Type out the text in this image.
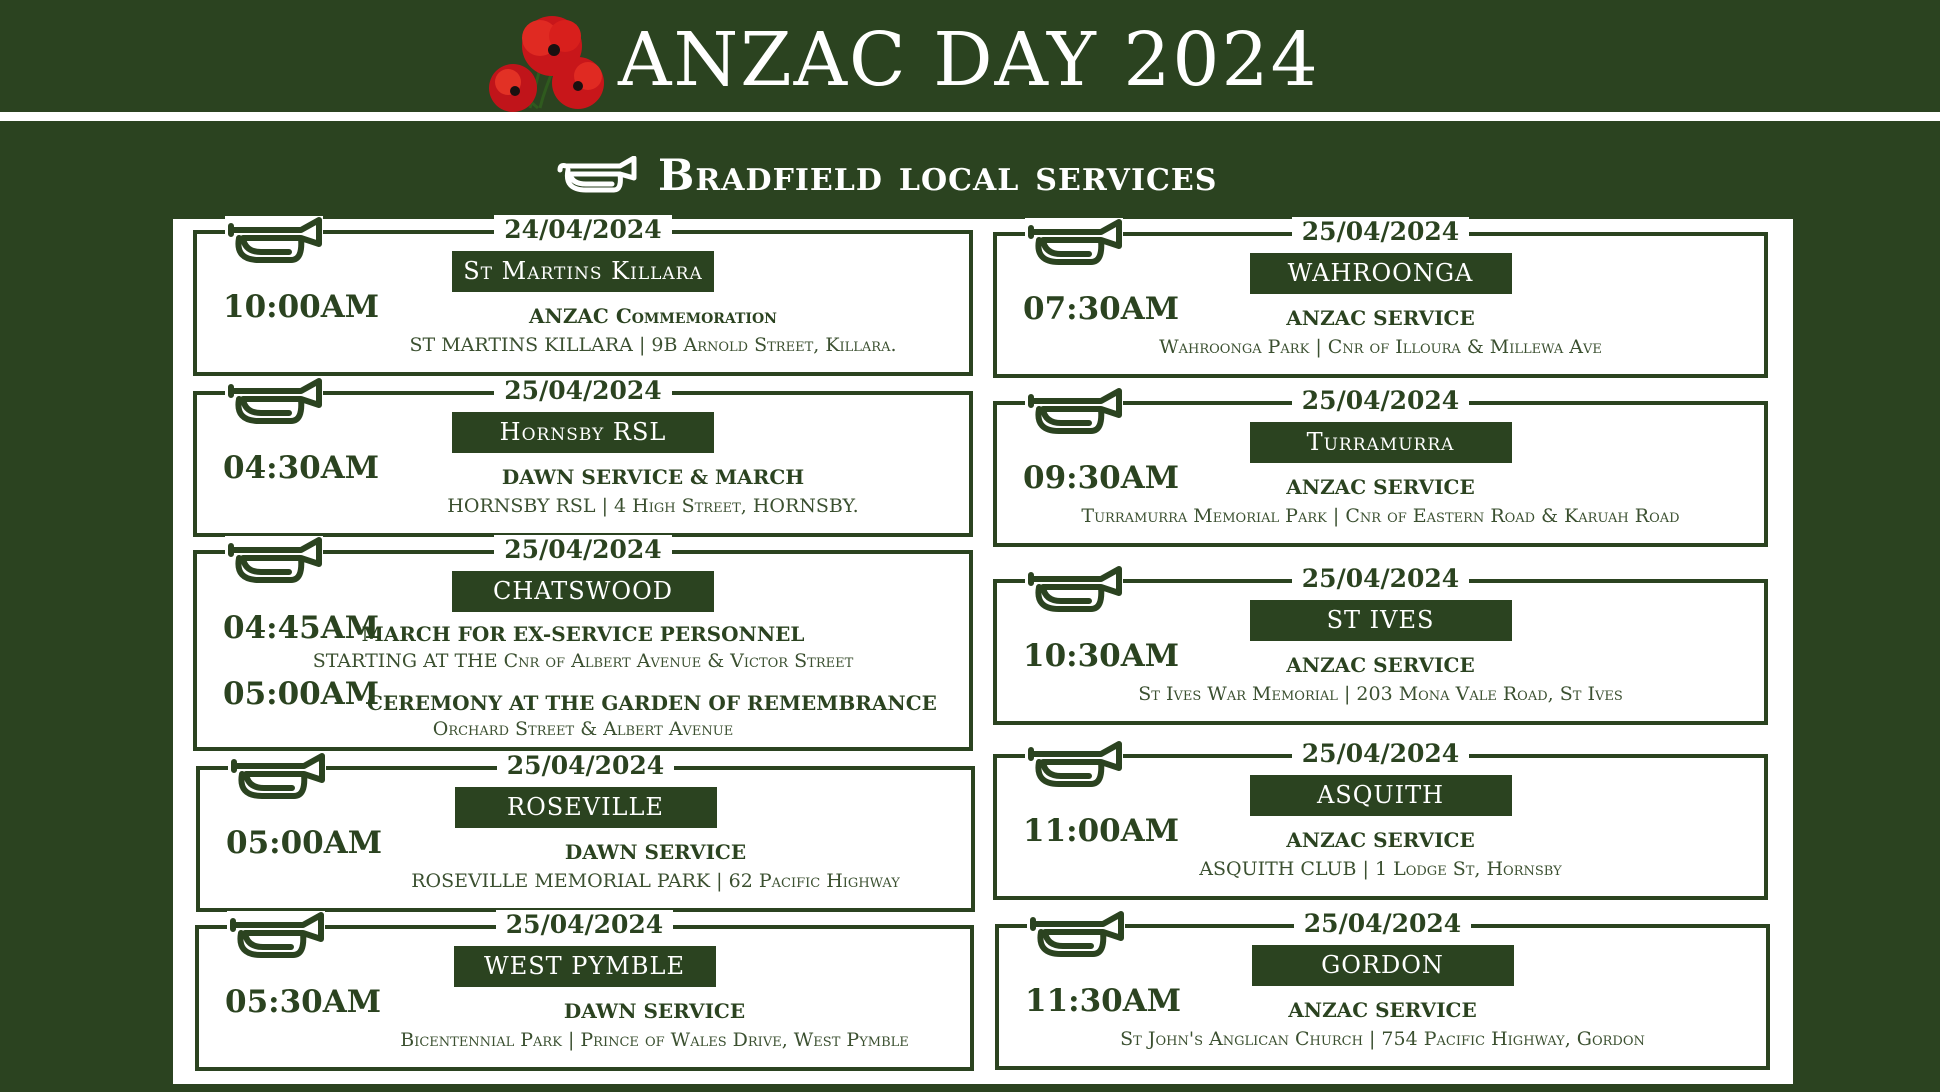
ANZAC DAY 2024
Bradfield local services
24/04/2024
St Martins Killara
10:00AM	ANZAC Commemoration
ST MARTINS KILLARA | 9B Arnold Street, Killara.
25/04/2024
Hornsby RSL
04:30AM	DAWN SERVICE & MARCH
HORNSBY RSL | 4 High Street, HORNSBY.
25/04/2024
CHATSWOOD
04:45AM
MARCH FOR EX-SERVICE PERSONNEL
STARTING AT THE Cnr of Albert Avenue & Victor Street
05:00AM
CEREMONY AT THE GARDEN OF REMEMBRANCE
Orchard Street & Albert Avenue
25/04/2024
ROSEVILLE
05:00AM	DAWN SERVICE
ROSEVILLE MEMORIAL PARK | 62 Pacific Highway
25/04/2024
WEST PYMBLE
05:30AM	DAWN SERVICE
Bicentennial Park | Prince of Wales Drive, West Pymble
25/04/2024
WAHROONGA
07:30AM	ANZAC SERVICE
Wahroonga Park | Cnr of Illoura & Millewa Ave
25/04/2024
Turramurra
09:30AM	ANZAC SERVICE
Turramurra Memorial Park | Cnr of Eastern Road & Karuah Road
25/04/2024
ST IVES
10:30AM	ANZAC SERVICE
St Ives War Memorial | 203 Mona Vale Road, St Ives
25/04/2024
ASQUITH
11:00AM	ANZAC SERVICE
ASQUITH CLUB | 1 Lodge St, Hornsby
25/04/2024
GORDON
11:30AM	ANZAC SERVICE
St John's Anglican Church | 754 Pacific Highway, Gordon
